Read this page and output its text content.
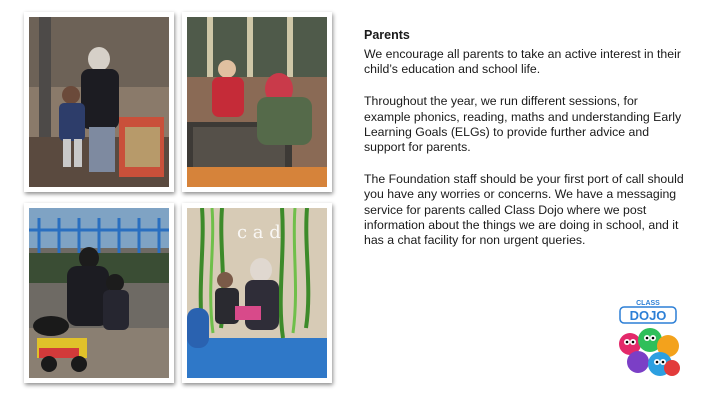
c a d
Parents

We encourage all parents to take an active interest in their child’s education and school life.

Throughout the year, we run different sessions, for example phonics, reading, maths and understanding Early Learning Goals (ELGs) to provide further advice and support for parents.

The Foundation staff should be your first port of call should you have any worries or concerns. We have a messaging service for parents called Class Dojo where we post information about the things we are doing in school, and it has a chat facility for non urgent queries.

CLASS
DOJO
